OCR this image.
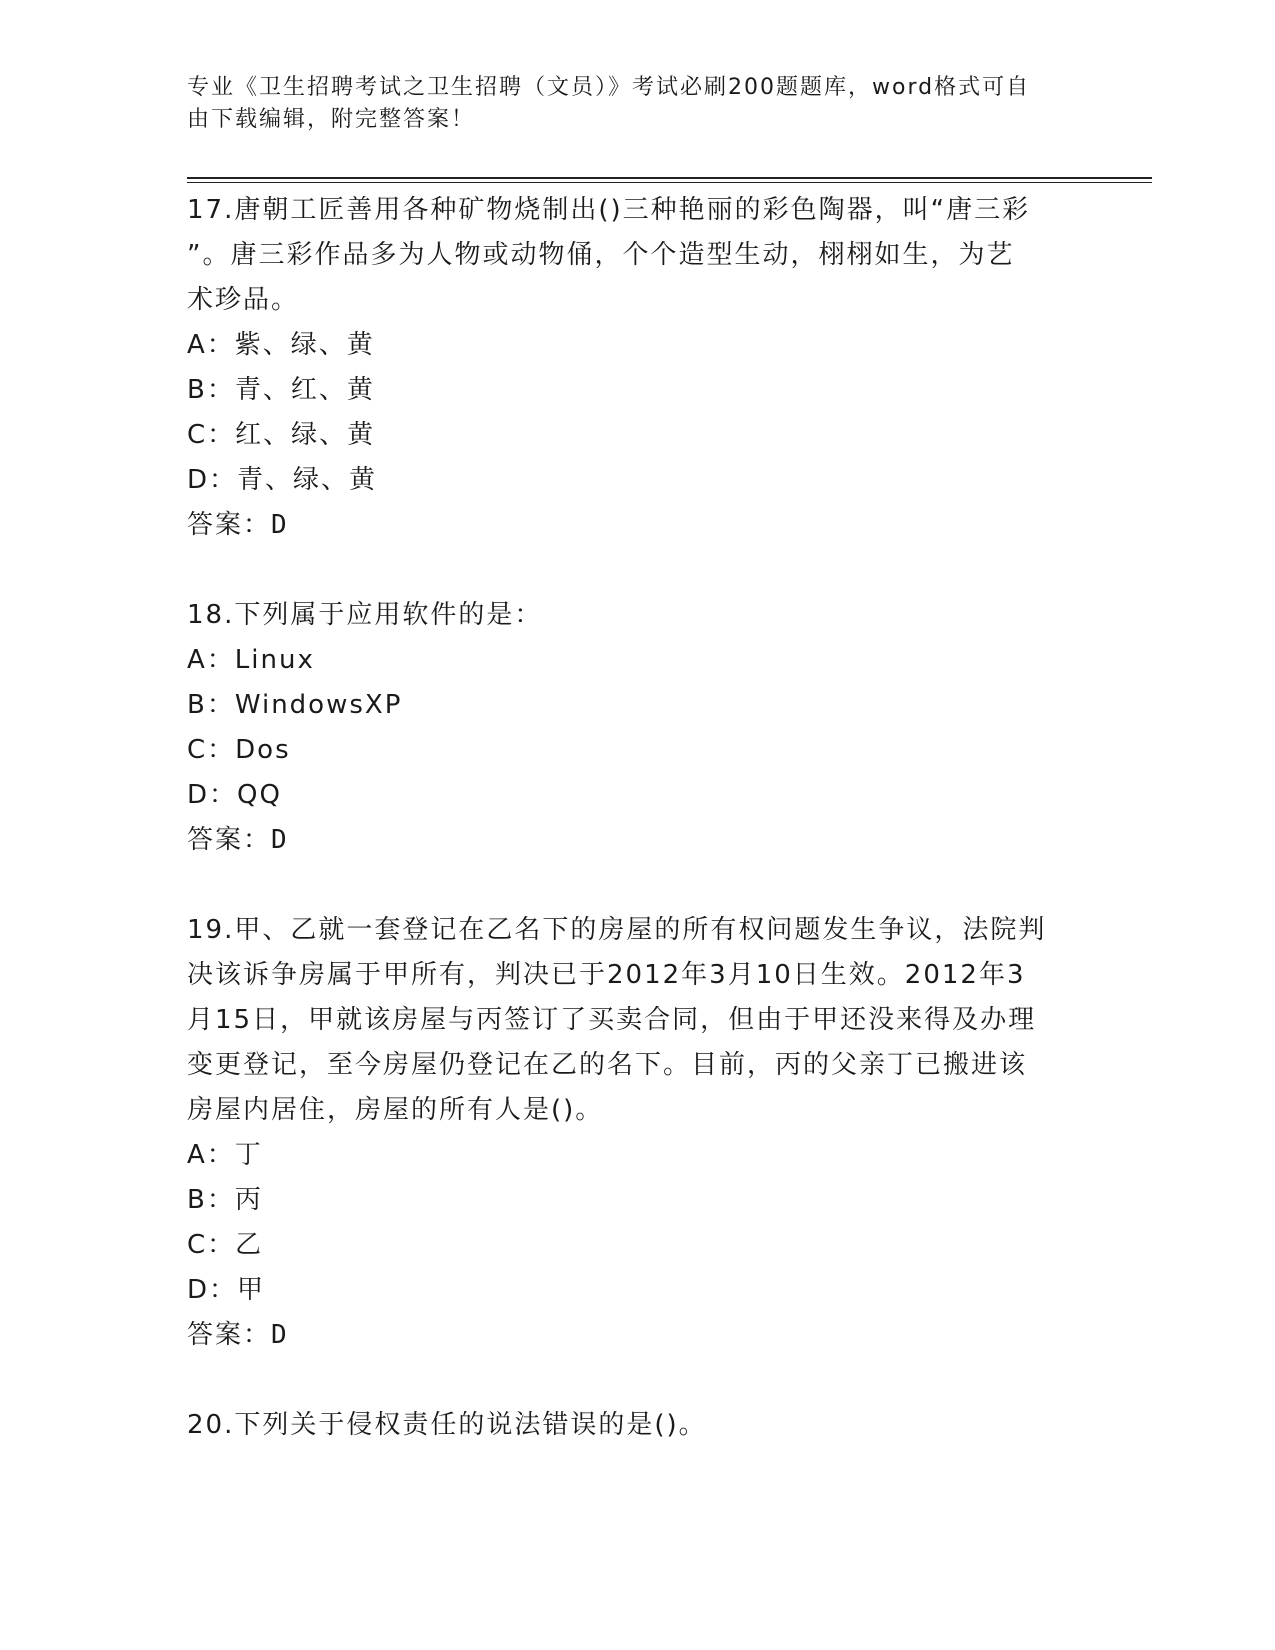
专业《卫生招聘考试之卫生招聘（文员）》考试必刷200题题库，word格式可自
由下载编辑，附完整答案！

17.唐朝工匠善用各种矿物烧制出()三种艳丽的彩色陶器，叫“唐三彩

”。唐三彩作品多为人物或动物俑，个个造型生动，栩栩如生，为艺

术珍品。

A：紫、绿、黄

B：青、红、黄

C：红、绿、黄

D：青、绿、黄

答案：D

18.下列属于应用软件的是：

A：Linux

B：WindowsXP

C：Dos

D：QQ

答案：D

19.甲、乙就一套登记在乙名下的房屋的所有权问题发生争议，法院判

决该诉争房属于甲所有，判决已于2012年3月10日生效。2012年3

月15日，甲就该房屋与丙签订了买卖合同，但由于甲还没来得及办理

变更登记，至今房屋仍登记在乙的名下。目前，丙的父亲丁已搬进该

房屋内居住，房屋的所有人是()。

A：丁

B：丙

C：乙

D：甲

答案：D

20.下列关于侵权责任的说法错误的是()。
